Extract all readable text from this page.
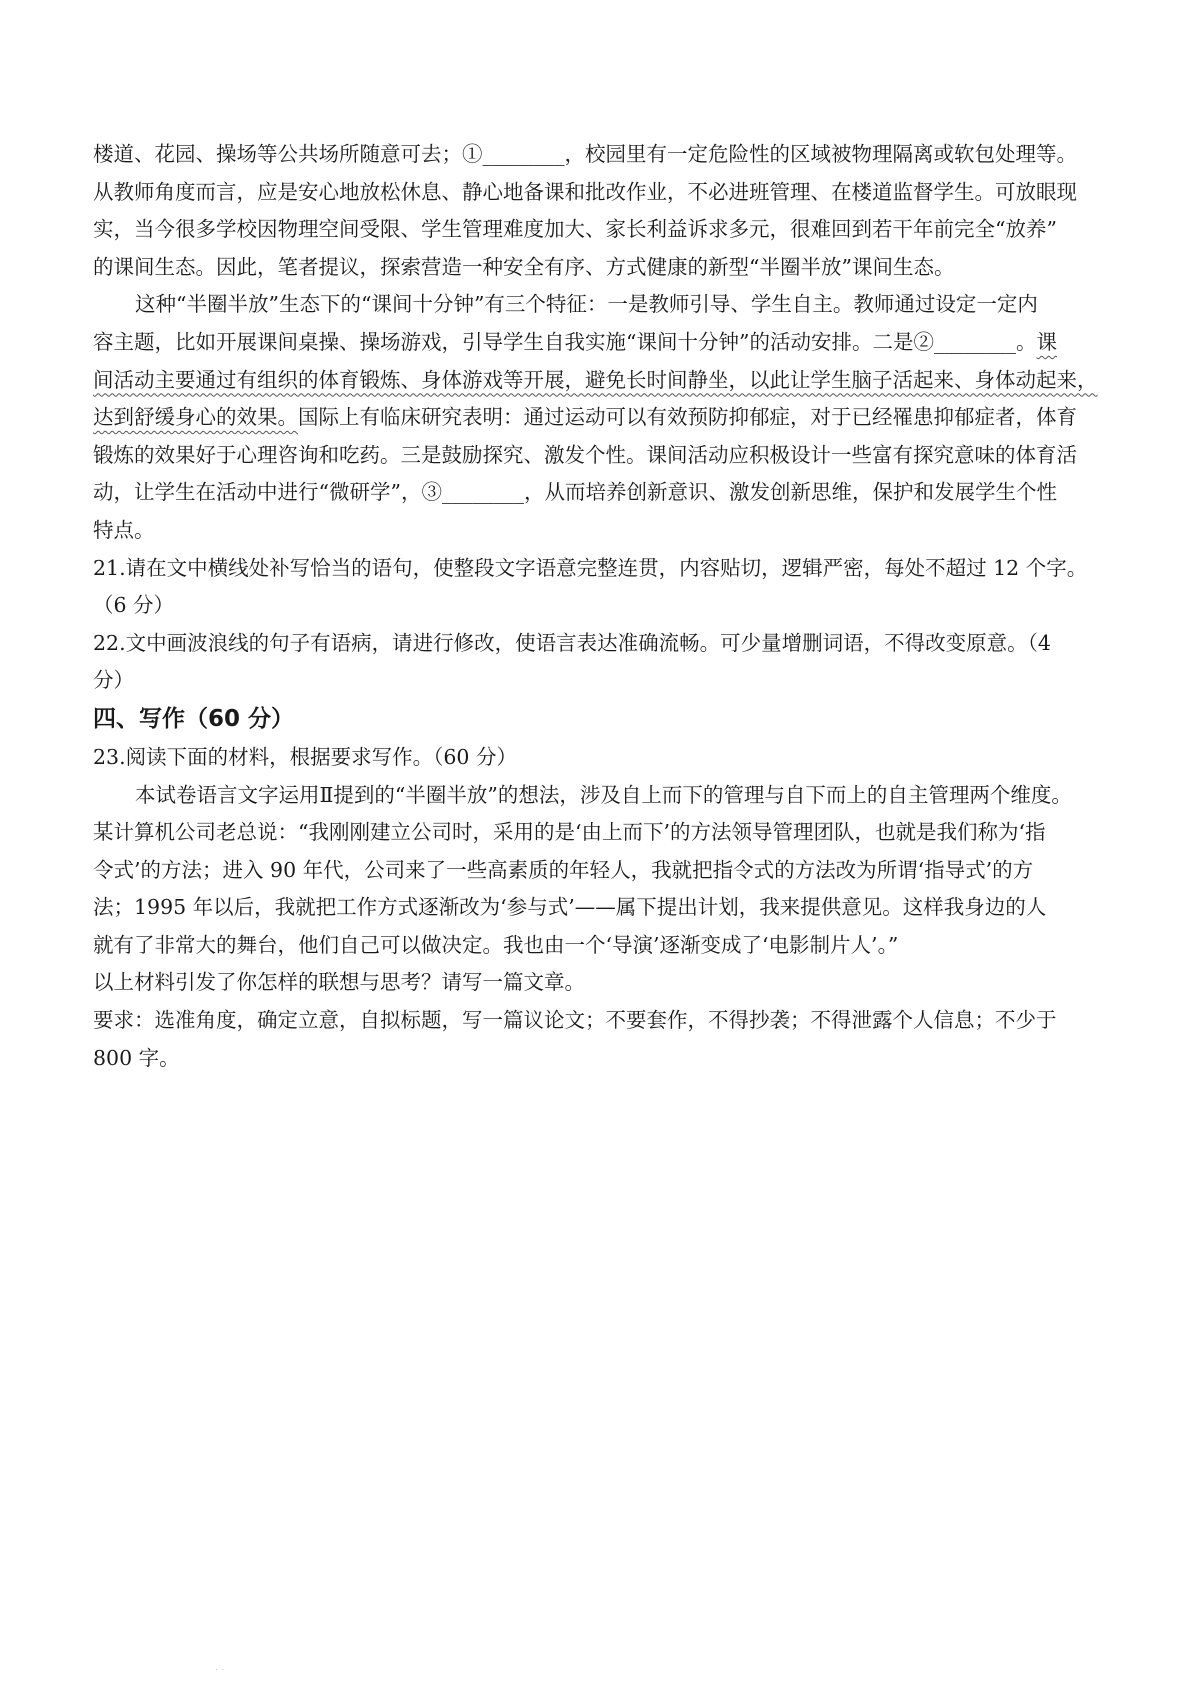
楼道、花园、操场等公共场所随意可去；①________，校园里有一定危险性的区域被物理隔离或软包处理等。
从教师角度而言，应是安心地放松休息、静心地备课和批改作业，不必进班管理、在楼道监督学生。可放眼现
实，当今很多学校因物理空间受限、学生管理难度加大、家长利益诉求多元，很难回到若干年前完全“放养”
的课间生态。因此，笔者提议，探索营造一种安全有序、方式健康的新型“半圈半放”课间生态。
这种“半圈半放”生态下的“课间十分钟”有三个特征：一是教师引导、学生自主。教师通过设定一定内
容主题，比如开展课间桌操、操场游戏，引导学生自我实施“课间十分钟”的活动安排。二是②________。课
间活动主要通过有组织的体育锻炼、身体游戏等开展，避免长时间静坐，以此让学生脑子活起来、身体动起来，
达到舒缓身心的效果。国际上有临床研究表明：通过运动可以有效预防抑郁症，对于已经罹患抑郁症者，体育
锻炼的效果好于心理咨询和吃药。三是鼓励探究、激发个性。课间活动应积极设计一些富有探究意味的体育活
动，让学生在活动中进行“微研学”，③________，从而培养创新意识、激发创新思维，保护和发展学生个性
特点。
21.请在文中横线处补写恰当的语句，使整段文字语意完整连贯，内容贴切，逻辑严密，每处不超过 12 个字。
（6 分）
22.文中画波浪线的句子有语病，请进行修改，使语言表达准确流畅。可少量增删词语，不得改变原意。（4
分）
四、写作（60 分）
23.阅读下面的材料，根据要求写作。（60 分）
本试卷语言文字运用Ⅱ提到的“半圈半放”的想法，涉及自上而下的管理与自下而上的自主管理两个维度。
某计算机公司老总说：“我刚刚建立公司时，采用的是‘由上而下’的方法领导管理团队，也就是我们称为‘指
令式’的方法；进入 90 年代，公司来了一些高素质的年轻人，我就把指令式的方法改为所谓‘指导式’的方
法；1995 年以后，我就把工作方式逐渐改为‘参与式’——属下提出计划，我来提供意见。这样我身边的人
就有了非常大的舞台，他们自己可以做决定。我也由一个‘导演’逐渐变成了‘电影制片人’。”
以上材料引发了你怎样的联想与思考？请写一篇文章。
要求：选准角度，确定立意，自拟标题，写一篇议论文；不要套作，不得抄袭；不得泄露个人信息；不少于
800 字。
· ·
